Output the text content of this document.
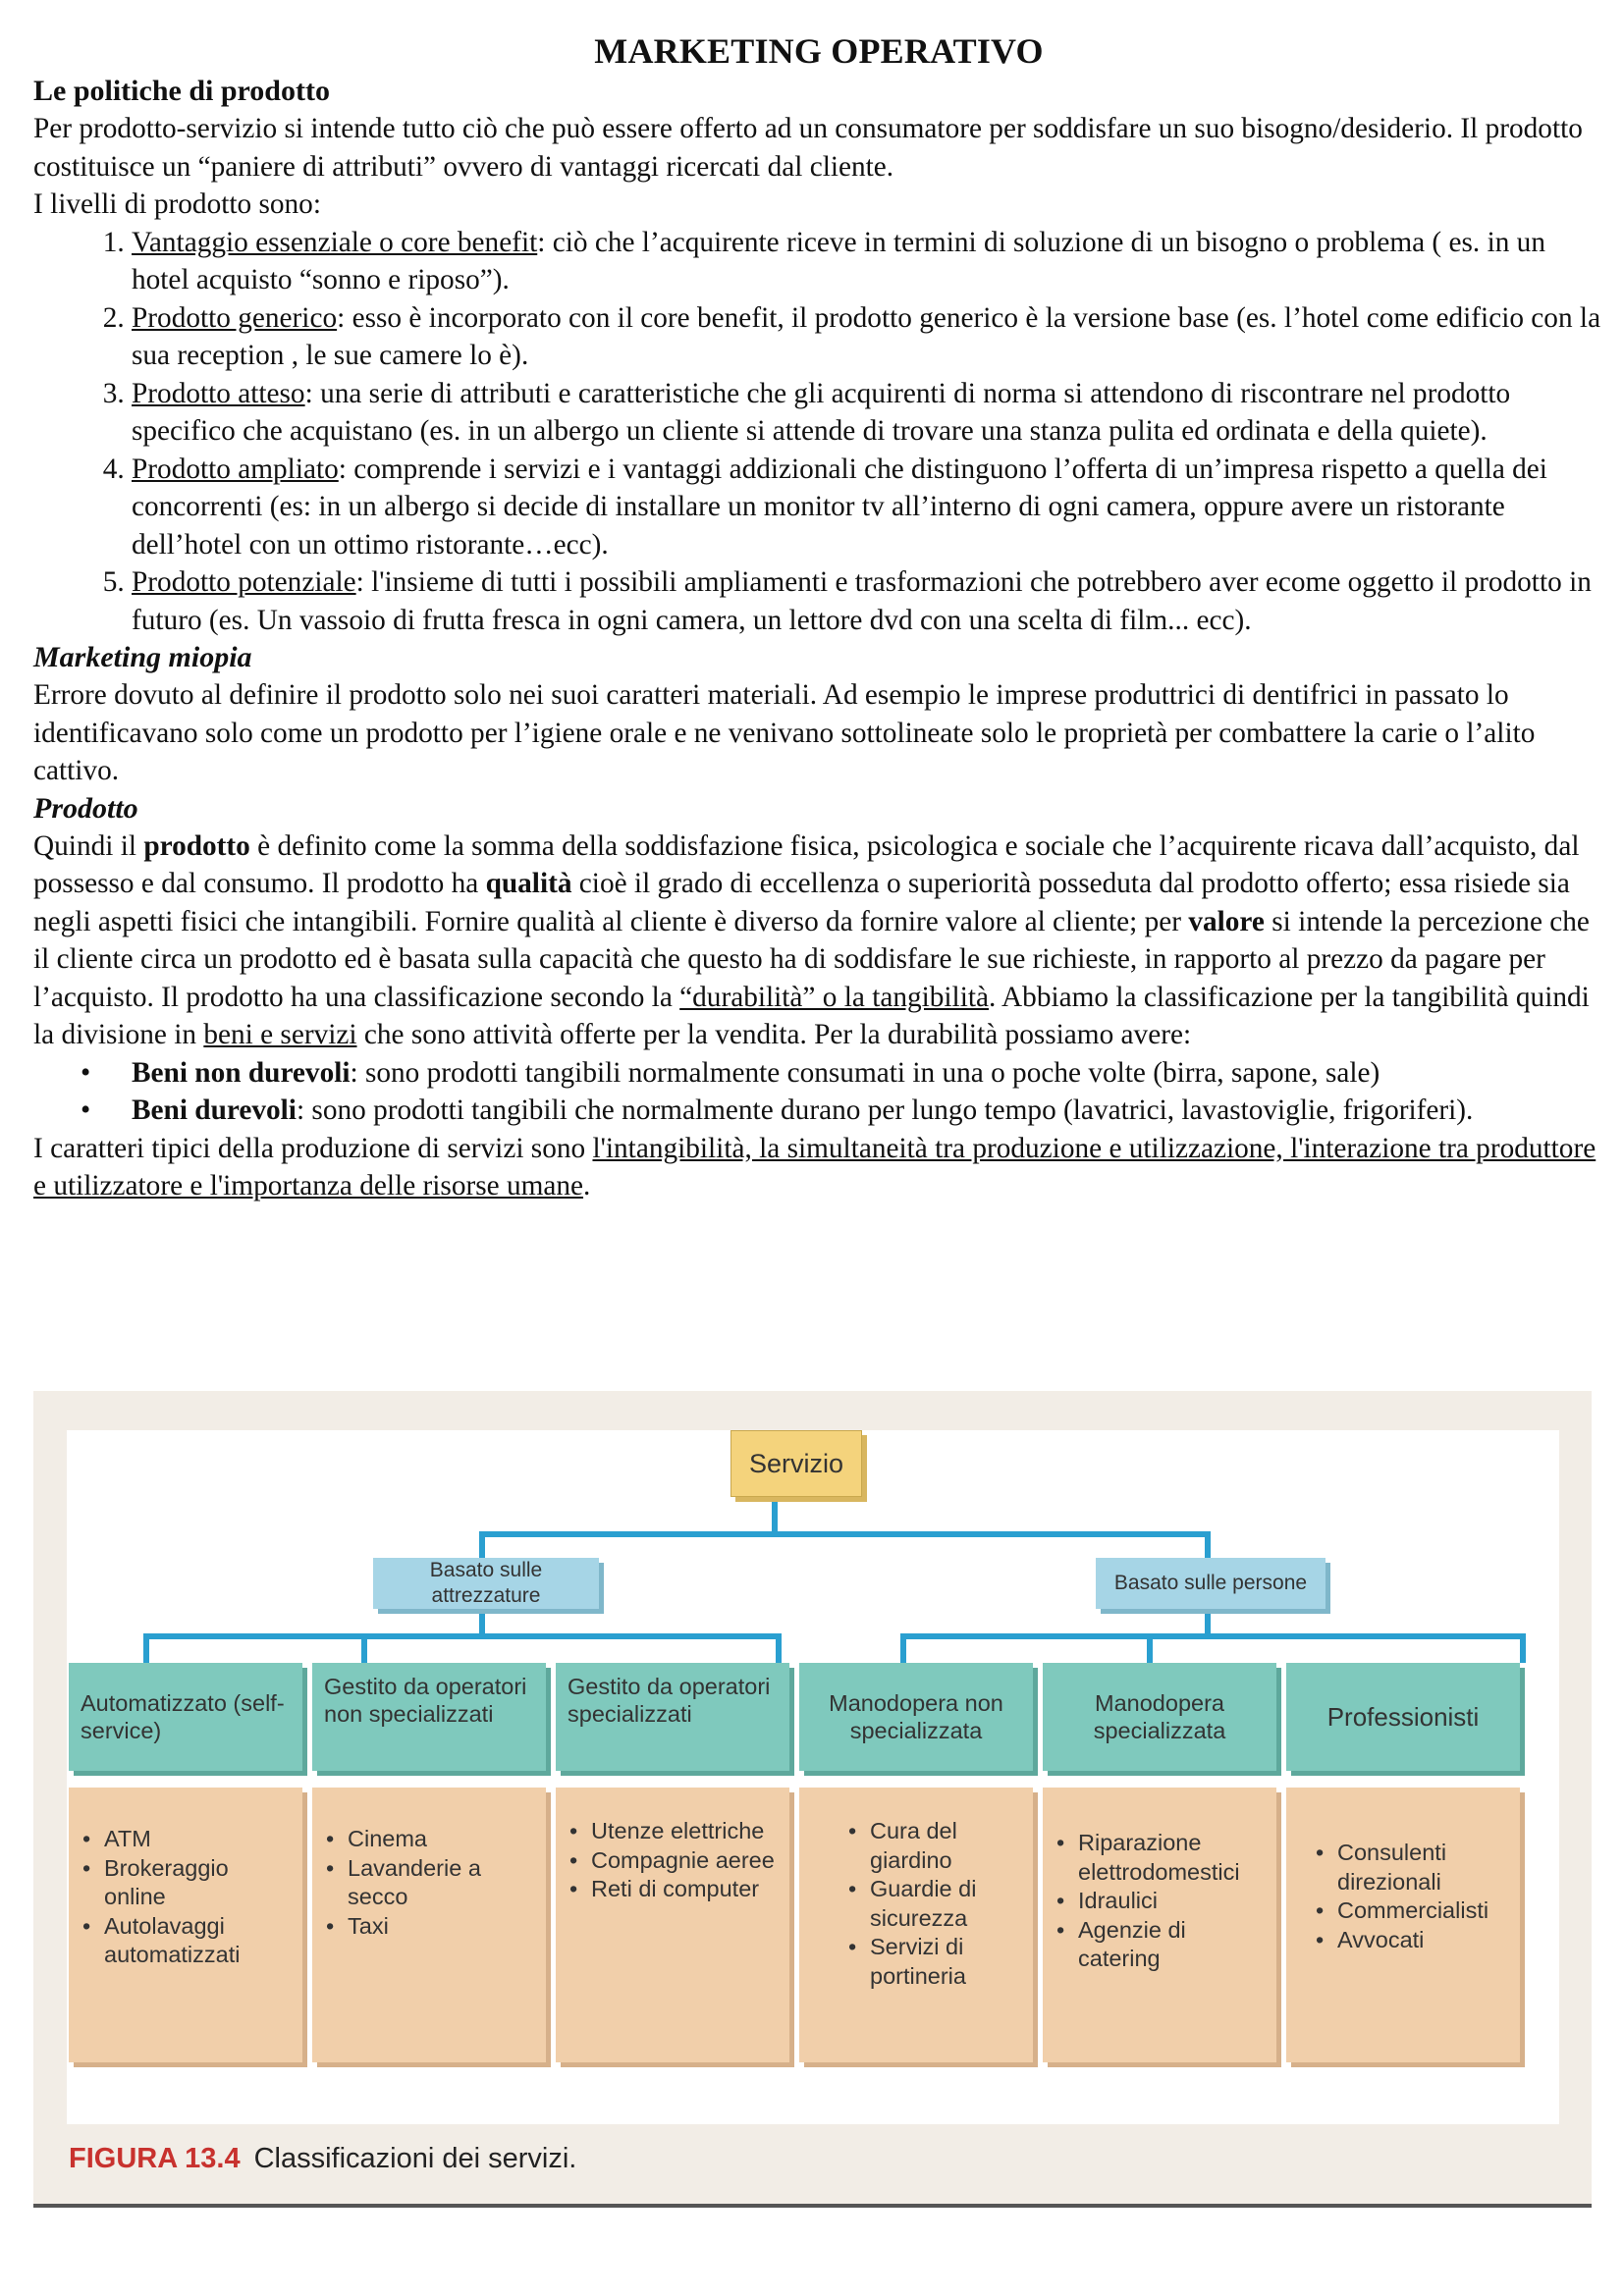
MARKETING OPERATIVO
Le politiche di prodotto

Per prodotto-servizio si intende tutto ciò che può essere offerto ad un consumatore per soddisfare un suo bisogno/desiderio. Il prodotto costituisce un “paniere di attributi” ovvero di vantaggi ricercati dal cliente.

I livelli di prodotto sono:

1. Vantaggio essenziale o core benefit: ciò che l’acquirente riceve in termini di soluzione di un bisogno o problema ( es. in un hotel acquisto “sonno e riposo”).
2. Prodotto generico: esso è incorporato con il core benefit, il prodotto generico è la versione base (es. l’hotel come edificio con la sua reception , le sue camere lo è).
3. Prodotto atteso: una serie di attributi e caratteristiche che gli acquirenti di norma si attendono di riscontrare nel prodotto specifico che acquistano (es. in un albergo un cliente si attende di trovare una stanza pulita ed ordinata e della quiete).
4. Prodotto ampliato: comprende i servizi e i vantaggi addizionali che distinguono l’offerta di un’impresa rispetto a quella dei concorrenti (es: in un albergo si decide di installare un monitor tv all’interno di ogni camera, oppure avere un ristorante dell’hotel con un ottimo ristorante…ecc).
5. Prodotto potenziale: l'insieme di tutti i possibili ampliamenti e trasformazioni che potrebbero aver ecome oggetto il prodotto in futuro (es. Un vassoio di frutta fresca in ogni camera, un lettore dvd con una scelta di film... ecc).
Marketing miopia

Errore dovuto al definire il prodotto solo nei suoi caratteri materiali. Ad esempio le imprese produttrici di dentifrici in passato lo identificavano solo come un prodotto per l’igiene orale e ne venivano sottolineate solo le proprietà per combattere la carie o l’alito cattivo.

Prodotto

Quindi il prodotto è definito come la somma della soddisfazione fisica, psicologica e sociale che l’acquirente ricava dall’acquisto, dal possesso e dal consumo. Il prodotto ha qualità cioè il grado di eccellenza o superiorità posseduta dal prodotto offerto; essa risiede sia negli aspetti fisici che intangibili. Fornire qualità al cliente è diverso da fornire valore al cliente; per valore si intende la percezione che il cliente circa un prodotto ed è basata sulla capacità che questo ha di soddisfare le sue richieste, in rapporto al prezzo da pagare per l’acquisto. Il prodotto ha una classificazione secondo la “durabilità” o la tangibilità. Abbiamo la classificazione per la tangibilità quindi la divisione in beni e servizi che sono attività offerte per la vendita. Per la durabilità possiamo avere:

• Beni non durevoli: sono prodotti tangibili normalmente consumati in una o poche volte (birra, sapone, sale)
• Beni durevoli: sono prodotti tangibili che normalmente durano per lungo tempo (lavatrici, lavastoviglie, frigoriferi).

I caratteri tipici della produzione di servizi sono l'intangibilità, la simultaneità tra produzione e utilizzazione, l'interazione tra produttore e utilizzatore e l'importanza delle risorse umane.

Servizio
Basato sulle attrezzature
Basato sulle persone
Automatizzato (self-service)
Gestito da operatori non specializzati
Gestito da operatori specializzati	Manodopera non specializzata
Manodopera specializzata	Professionisti
• ATM
• Brokeraggio online
• Autolavaggi automatizzati
• Cinema
• Lavanderie a secco
• Taxi
• Utenze elettriche
• Compagnie aeree
• Reti di computer
• Cura del giardino
• Guardie di sicurezza
• Servizi di portineria
• Riparazione elettrodomestici
• Idraulici
• Agenzie di catering
• Consulenti direzionali
• Commercialisti
• Avvocati
FIGURA 13.4 Classificazioni dei servizi.
